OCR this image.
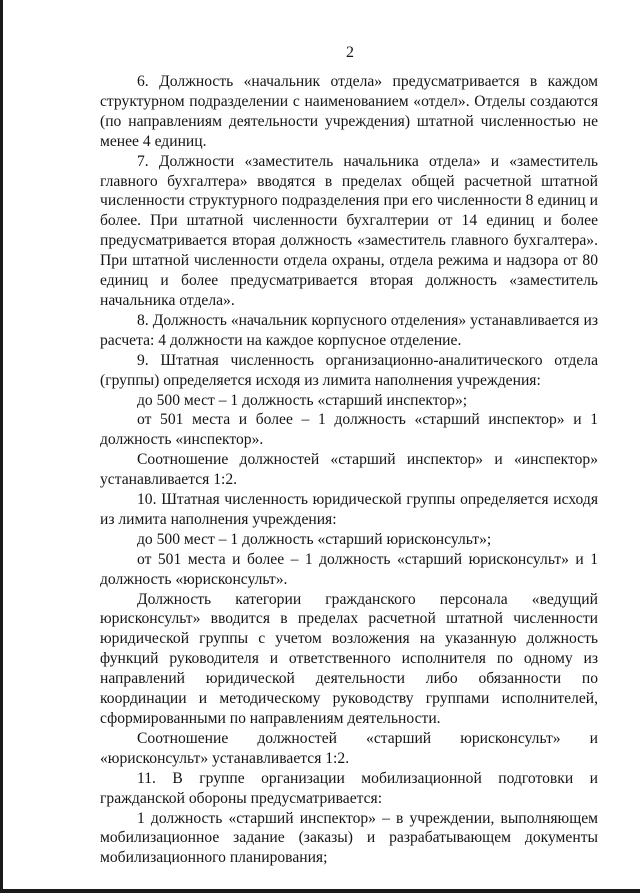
2

6. Должность «начальник отдела» предусматривается в каждом структурном подразделении с наименованием «отдел». Отделы создаются (по направлениям деятельности учреждения) штатной численностью не менее 4 единиц.

7. Должности «заместитель начальника отдела» и «заместитель главного бухгалтера» вводятся в пределах общей расчетной штатной численности структурного подразделения при его численности 8 единиц и более. При штатной численности бухгалтерии от 14 единиц и более предусматривается вторая должность «заместитель главного бухгалтера». При штатной численности отдела охраны, отдела режима и надзора от 80 единиц и более предусматривается вторая должность «заместитель начальника отдела».

8. Должность «начальник корпусного отделения» устанавливается из расчета: 4 должности на каждое корпусное отделение.

9. Штатная численность организационно-аналитического отдела (группы) определяется исходя из лимита наполнения учреждения:

до 500 мест – 1 должность «старший инспектор»;

от 501 места и более – 1 должность «старший инспектор» и 1 должность «инспектор».

Соотношение должностей «старший инспектор» и «инспектор» устанавливается 1:2.

10. Штатная численность юридической группы определяется исходя из лимита наполнения учреждения:

до 500 мест – 1 должность «старший юрисконсульт»;

от 501 места и более – 1 должность «старший юрисконсульт» и 1 должность «юрисконсульт».

Должность категории гражданского персонала «ведущий юрисконсульт» вводится в пределах расчетной штатной численности юридической группы с учетом возложения на указанную должность функций руководителя и ответственного исполнителя по одному из направлений юридической деятельности либо обязанности по координации и методическому руководству группами исполнителей, сформированными по направлениям деятельности.

Соотношение должностей «старший юрисконсульт» и «юрисконсульт» устанавливается 1:2.

11. В группе организации мобилизационной подготовки и гражданской обороны предусматривается:

1 должность «старший инспектор» – в учреждении, выполняющем мобилизационное задание (заказы) и разрабатывающем документы мобилизационного планирования;
